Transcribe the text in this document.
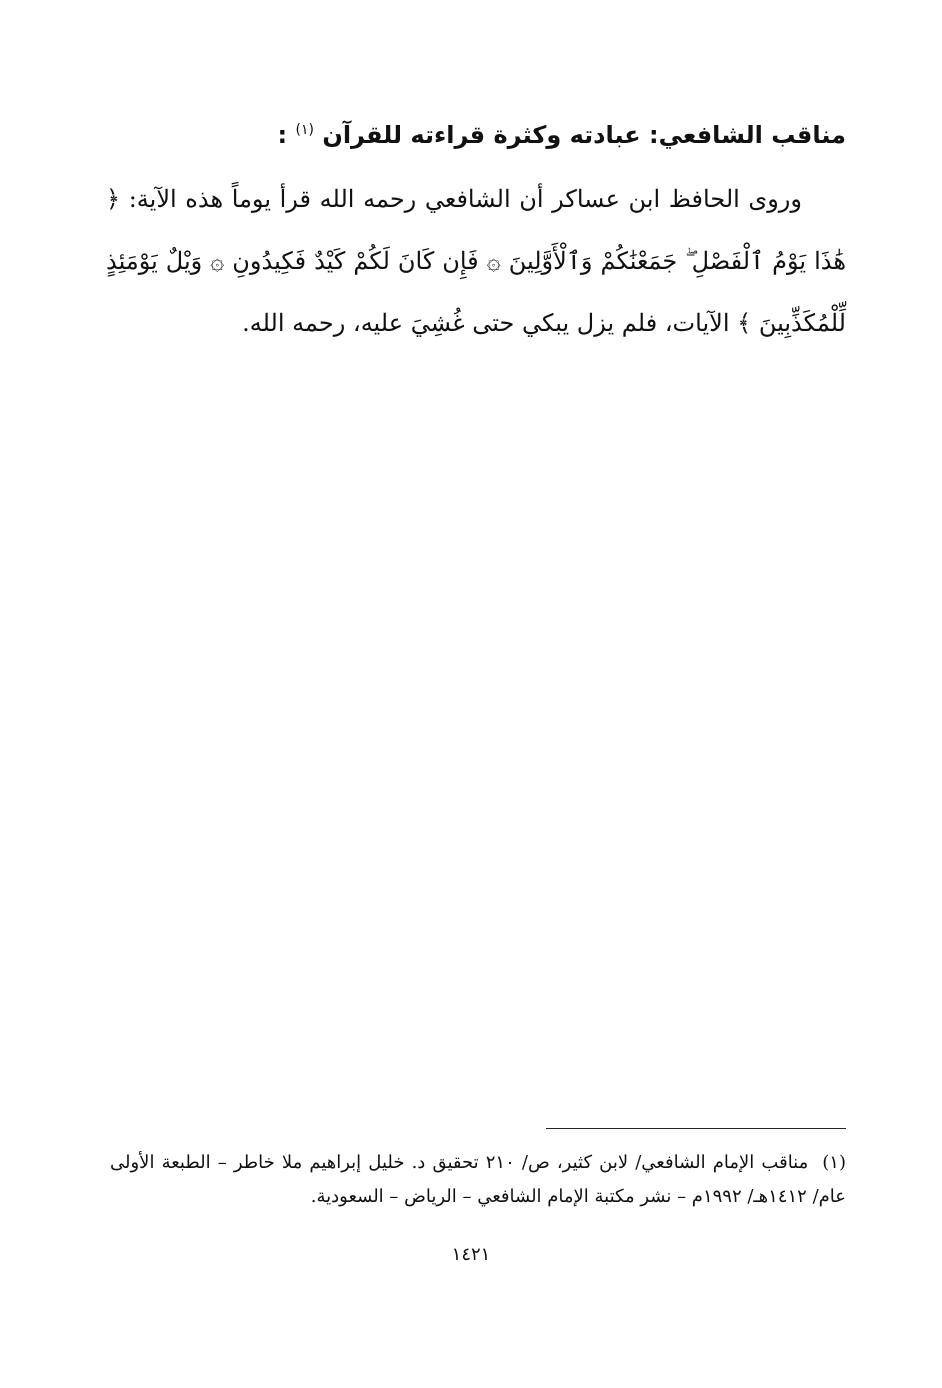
مناقب الشافعي: عبادته وكثرة قراءته للقرآن $^{(١)}$ :
وروى الحافظ ابن عساكر أن الشافعي رحمه الله قرأ يوماً هذه الآية: ﴿ هَٰذَا يَوْمُ ٱلْفَصْلِ ۖ جَمَعْنَٰكُمْ وَٱلْأَوَّلِينَ ۞ فَإِن كَانَ لَكُمْ كَيْدٌ فَكِيدُونِ ۞ وَيْلٌ يَوْمَئِذٍ لِّلْمُكَذِّبِينَ ﴾ الآيات، فلم يزل يبكي حتى غُشِيَ عليه، رحمه الله.
(١)مناقب الإمام الشافعي/ لابن كثير، ص/ ٢١٠ تحقيق د. خليل إبراهيم ملا خاطر – الطبعة الأولى عام/ ١٤١٢هـ/ ١٩٩٢م – نشر مكتبة الإمام الشافعي – الرياض – السعودية.
١٤٢١
